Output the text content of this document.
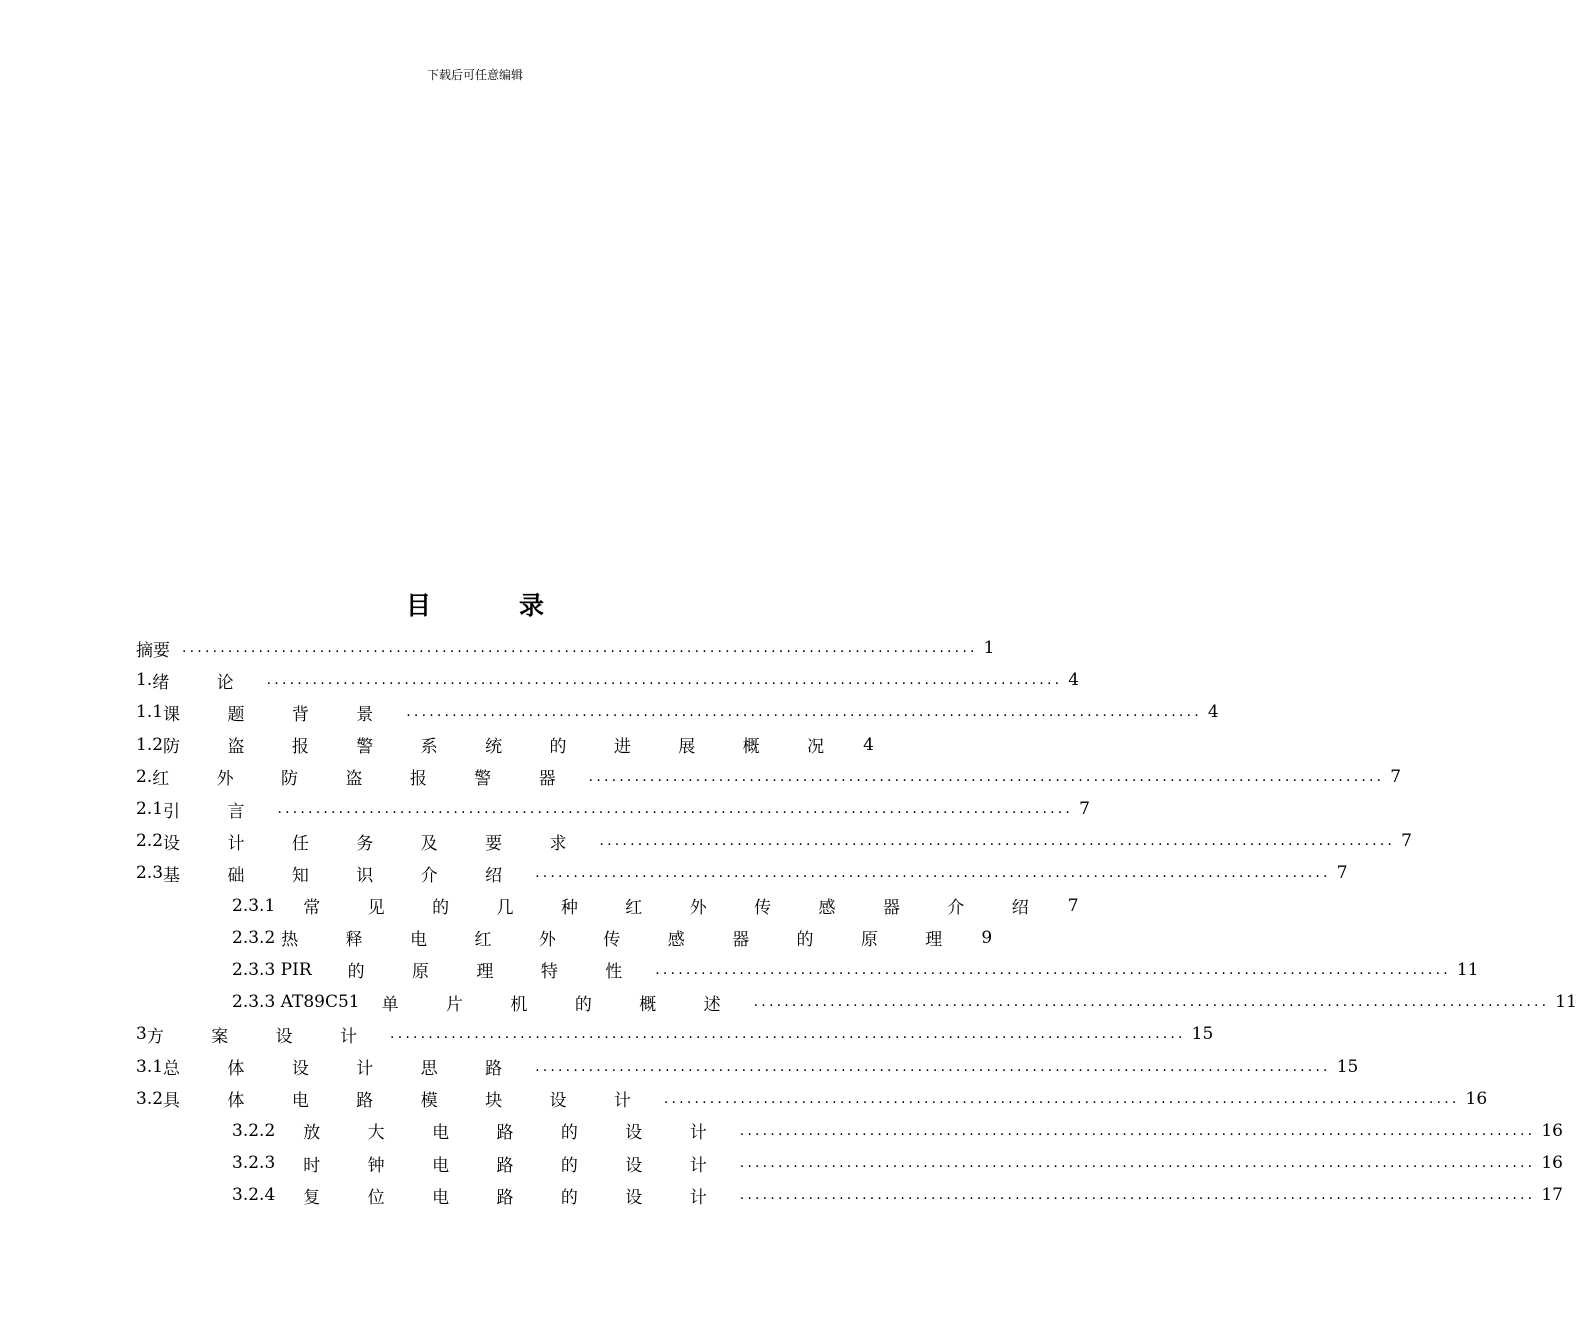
下载后可任意编辑
目	录
摘 要 ........................................................................................................ 1
1. 绪 论 ........................................................................................................ 4
1.1 课 题 背 景 ........................................................................................................ 4
1.2 防 盗 报 警 系 统 的 进 展 概 况 4
2. 红 外 防 盗 报 警 器 ........................................................................................................ 7
2.1 引 言 ........................................................................................................ 7
2.2 设 计 任 务 及 要 求 ........................................................................................................ 7
2.3 基 础 知 识 介 绍 ........................................................................................................ 7
2.3.1 常 见 的 几 种 红 外 传 感 器 介 绍 7
2.3.2 热 释 电 红 外 传 感 器 的 原 理 9
2.3.3 PIR 的 原 理 特 性 ........................................................................................................ 11
2.3.3 AT89C51 单 片 机 的 概 述 ........................................................................................................ 11
3 方 案 设 计 ........................................................................................................ 15
3.1 总 体 设 计 思 路 ........................................................................................................ 15
3.2 具 体 电 路 模 块 设 计 ........................................................................................................ 16
3.2.2 放 大 电 路 的 设 计 ........................................................................................................ 16
3.2.3 时 钟 电 路 的 设 计 ........................................................................................................ 16
3.2.4 复 位 电 路 的 设 计 ........................................................................................................ 17
